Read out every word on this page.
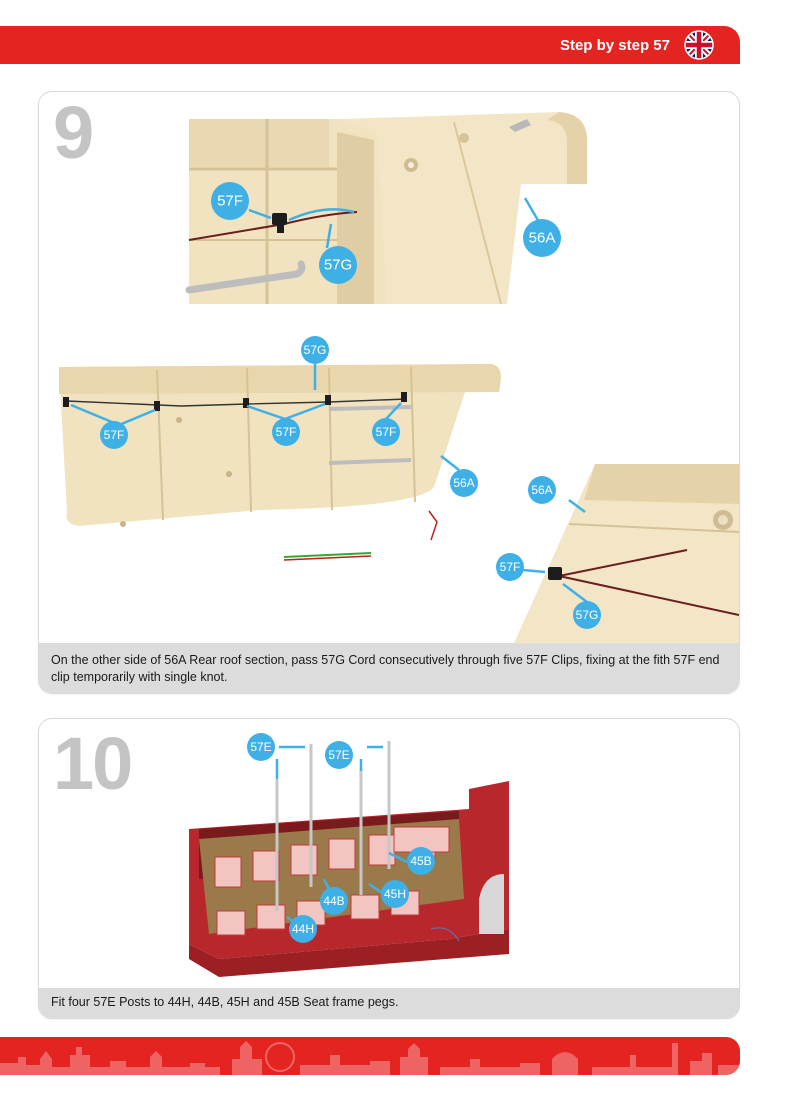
Step by step 57
57F
57G
56A
57G
57F	57F	57F
56A	56A
57F
57G
9
On the other side of 56A Rear roof section, pass 57G Cord consecutively through five 57F Clips, fixing at the fith 57F end clip temporarily with single knot.
57E
57E
45B
44B	45H
44H
10
Fit four 57E Posts to 44H, 44B, 45H and 45B Seat frame pegs.
